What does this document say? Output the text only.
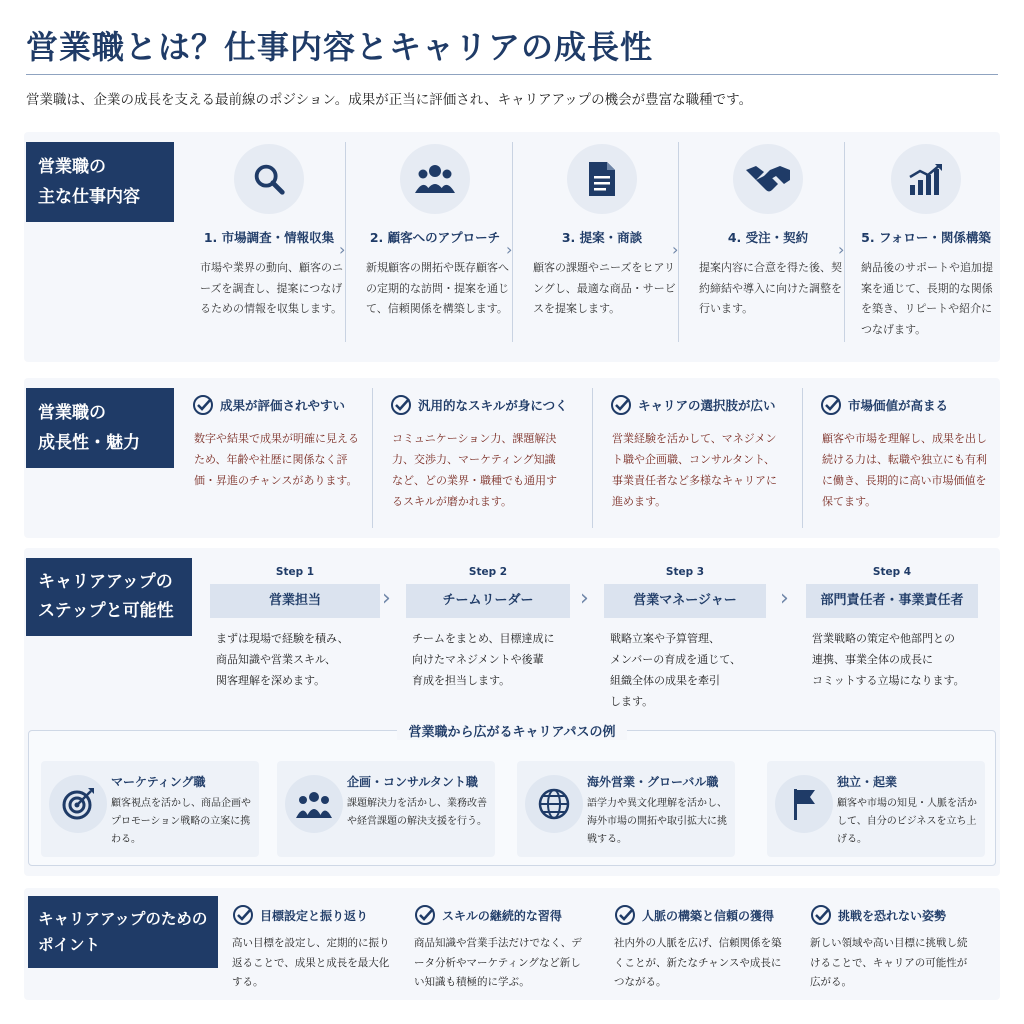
営業職とは？仕事内容とキャリアの成長性
営業職は、企業の成長を支える最前線のポジション。成果が正当に評価され、キャリアアップの機会が豊富な職種です。
営業職の
主な仕事内容
1. 市場調査・情報収集
市場や業界の動向、顧客のニーズを調査し、提案につなげるための情報を収集します。
›
2. 顧客へのアプローチ
新規顧客の開拓や既存顧客への定期的な訪問・提案を通じて、信頼関係を構築します。
›
3. 提案・商談
顧客の課題やニーズをヒアリングし、最適な商品・サービスを提案します。
›
4. 受注・契約
提案内容に合意を得た後、契約締結や導入に向けた調整を行います。
›
5. フォロー・関係構築
納品後のサポートや追加提案を通じて、長期的な関係を築き、リピートや紹介につなげます。
営業職の
成長性・魅力
成果が評価されやすい
数字や結果で成果が明確に見えるため、年齢や社歴に関係なく評価・昇進のチャンスがあります。
汎用的なスキルが身につく
コミュニケーション力、課題解決力、交渉力、マーケティング知識など、どの業界・職種でも通用するスキルが磨かれます。
キャリアの選択肢が広い
営業経験を活かして、マネジメント職や企画職、コンサルタント、事業責任者など多様なキャリアに進めます。
市場価値が高まる
顧客や市場を理解し、成果を出し続ける力は、転職や独立にも有利に働き、長期的に高い市場価値を保てます。
キャリアアップの
ステップと可能性
Step 1
営業担当
まずは現場で経験を積み、
商品知識や営業スキル、
関客理解を深めます。
›
Step 2
チームリーダー
チームをまとめ、目標達成に
向けたマネジメントや後輩
育成を担当します。
›
Step 3
営業マネージャー
戦略立案や予算管理、
メンバーの育成を通じて、
組織全体の成果を牽引
します。
›
Step 4
部門責任者・事業責任者
営業戦略の策定や他部門との
連携、事業全体の成長に
コミットする立場になります。
営業職から広がるキャリアパスの例
マーケティング職
顧客視点を活かし、商品企画やプロモーション戦略の立案に携わる。
企画・コンサルタント職
課題解決力を活かし、業務改善や経営課題の解決支援を行う。
海外営業・グローバル職
語学力や異文化理解を活かし、海外市場の開拓や取引拡大に挑戦する。
独立・起業
顧客や市場の知見・人脈を活かして、自分のビジネスを立ち上げる。
キャリアアップのための
ポイント
目標設定と振り返り
高い目標を設定し、定期的に振り返ることで、成果と成長を最大化する。
スキルの継続的な習得
商品知識や営業手法だけでなく、データ分析やマーケティングなど新しい知識も積極的に学ぶ。
人脈の構築と信頼の獲得
社内外の人脈を広げ、信頼関係を築くことが、新たなチャンスや成長につながる。
挑戦を恐れない姿勢
新しい領域や高い目標に挑戦し続けることで、キャリアの可能性が広がる。
